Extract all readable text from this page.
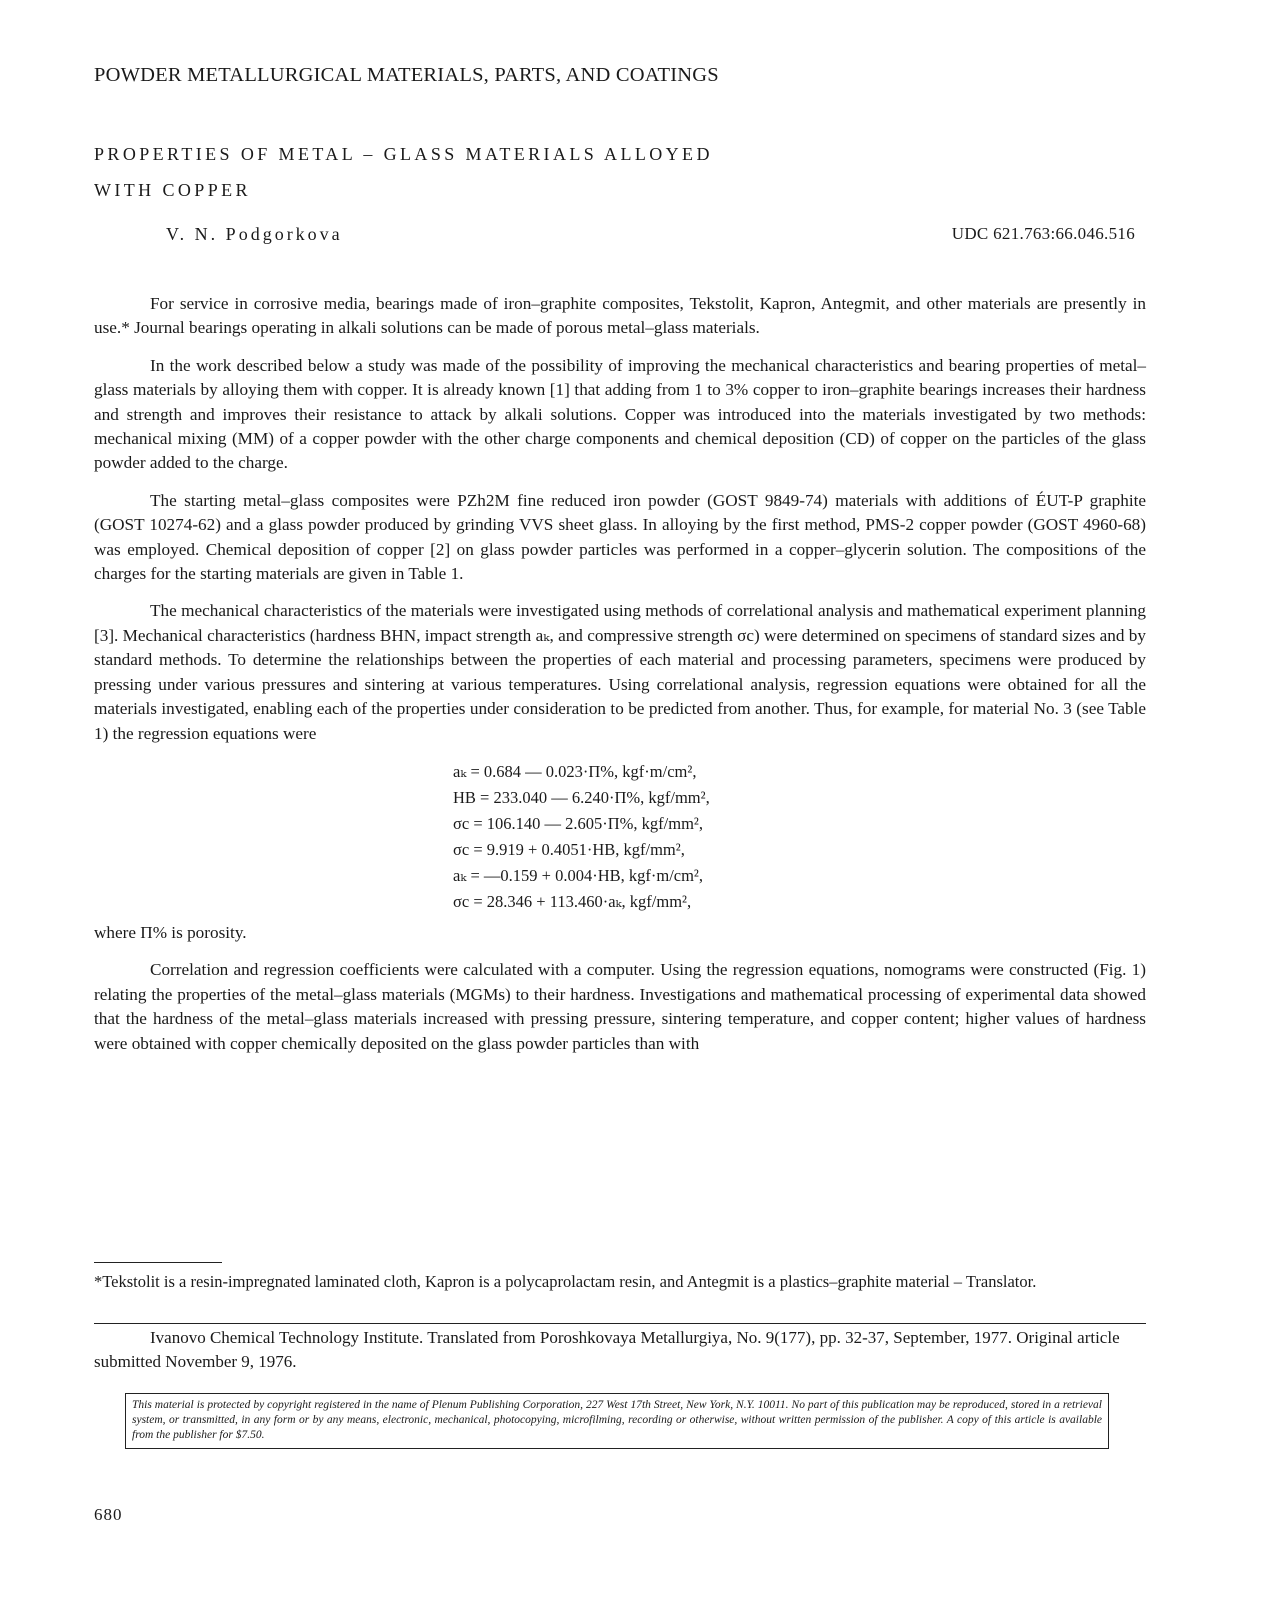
POWDER METALLURGICAL MATERIALS, PARTS, AND COATINGS
PROPERTIES OF METAL – GLASS MATERIALS ALLOYED
WITH COPPER
V. N. Podgorkova	UDC 621.763:66.046.516

For service in corrosive media, bearings made of iron–graphite composites, Tekstolit, Kapron, Antegmit, and other materials are presently in use.* Journal bearings operating in alkali solutions can be made of porous metal–glass materials.

In the work described below a study was made of the possibility of improving the mechanical characteristics and bearing properties of metal–glass materials by alloying them with copper. It is already known [1] that adding from 1 to 3% copper to iron–graphite bearings increases their hardness and strength and improves their resistance to attack by alkali solutions. Copper was introduced into the materials investigated by two methods: mechanical mixing (MM) of a copper powder with the other charge components and chemical deposition (CD) of copper on the particles of the glass powder added to the charge.

The starting metal–glass composites were PZh2M fine reduced iron powder (GOST 9849-74) materials with additions of ÉUT-P graphite (GOST 10274-62) and a glass powder produced by grinding VVS sheet glass. In alloying by the first method, PMS-2 copper powder (GOST 4960-68) was employed. Chemical deposition of copper [2] on glass powder particles was performed in a copper–glycerin solution. The compositions of the charges for the starting materials are given in Table 1.

The mechanical characteristics of the materials were investigated using methods of correlational analysis and mathematical experiment planning [3]. Mechanical characteristics (hardness BHN, impact strength aₖ, and compressive strength σc) were determined on specimens of standard sizes and by standard methods. To determine the relationships between the properties of each material and processing parameters, specimens were produced by pressing under various pressures and sintering at various temperatures. Using correlational analysis, regression equations were obtained for all the materials investigated, enabling each of the properties under consideration to be predicted from another. Thus, for example, for material No. 3 (see Table 1) the regression equations were

aₖ = 0.684 — 0.023·П%, kgf·m/cm²,
HB = 233.040 — 6.240·П%, kgf/mm²,
σc = 106.140 — 2.605·П%, kgf/mm²,
σc = 9.919 + 0.4051·HB, kgf/mm²,
aₖ = —0.159 + 0.004·HB, kgf·m/cm²,
σc = 28.346 + 113.460·aₖ, kgf/mm²,

where П% is porosity.

Correlation and regression coefficients were calculated with a computer. Using the regression equations, nomograms were constructed (Fig. 1) relating the properties of the metal–glass materials (MGMs) to their hardness. Investigations and mathematical processing of experimental data showed that the hardness of the metal–glass materials increased with pressing pressure, sintering temperature, and copper content; higher values of hardness were obtained with copper chemically deposited on the glass powder particles than with

*Tekstolit is a resin-impregnated laminated cloth, Kapron is a polycaprolactam resin, and Antegmit is a plastics–graphite material – Translator.

Ivanovo Chemical Technology Institute. Translated from Poroshkovaya Metallurgiya, No. 9(177), pp. 32-37, September, 1977. Original article submitted November 9, 1976.

This material is protected by copyright registered in the name of Plenum Publishing Corporation, 227 West 17th Street, New York, N.Y. 10011. No part of this publication may be reproduced, stored in a retrieval system, or transmitted, in any form or by any means, electronic, mechanical, photocopying, microfilming, recording or otherwise, without written permission of the publisher. A copy of this article is available from the publisher for $7.50.
680
